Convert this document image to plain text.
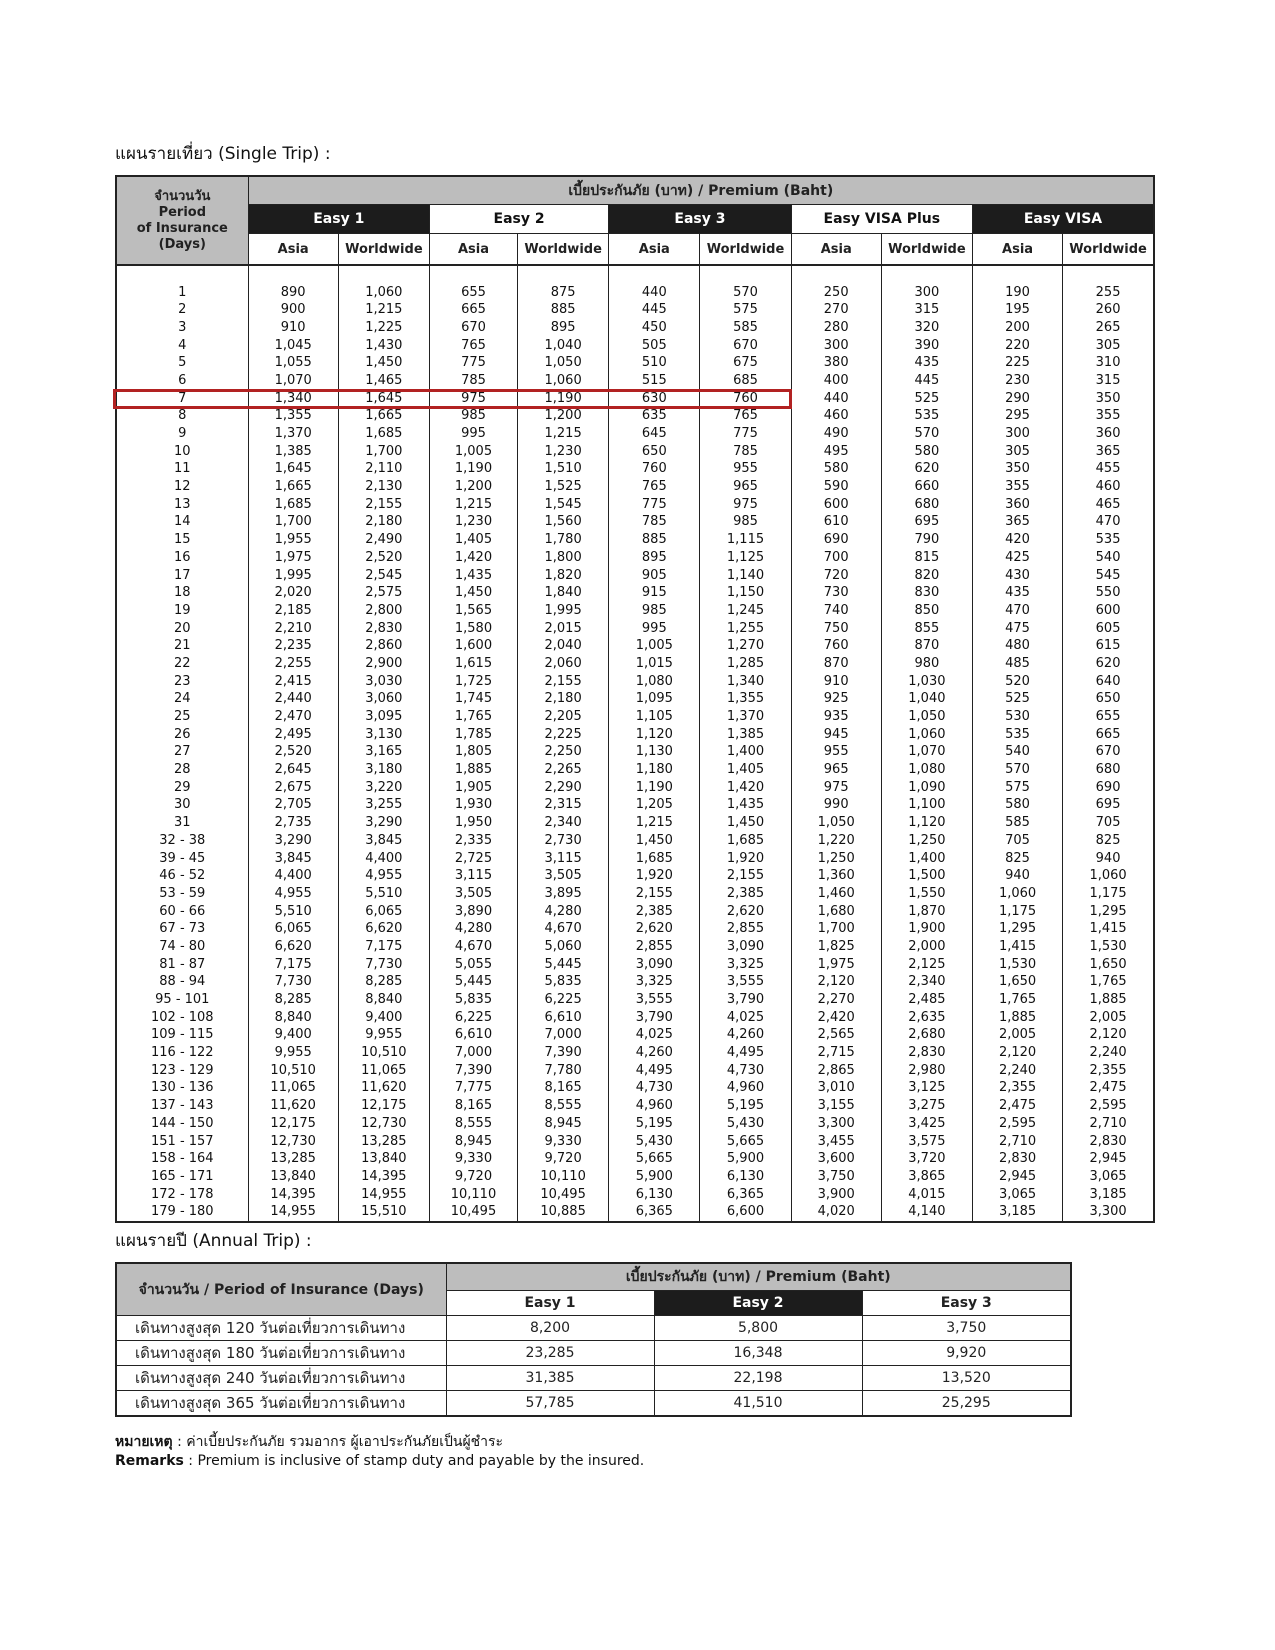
แผนรายเที่ยว (Single Trip) :
จำนวนวัน
Period
of Insurance
(Days)	เบี้ยประกันภัย (บาท) / Premium (Baht)									
	Easy 1		Easy 2		Easy 3		Easy VISA Plus		Easy VISA	
	Asia	Worldwide	Asia	Worldwide	Asia	Worldwide	Asia	Worldwide	Asia	Worldwide

1	890	1,060	655	875	440	570	250	300	190	255
2	900	1,215	665	885	445	575	270	315	195	260
3	910	1,225	670	895	450	585	280	320	200	265
4	1,045	1,430	765	1,040	505	670	300	390	220	305
5	1,055	1,450	775	1,050	510	675	380	435	225	310
6	1,070	1,465	785	1,060	515	685	400	445	230	315
7	1,340	1,645	975	1,190	630	760	440	525	290	350
8	1,355	1,665	985	1,200	635	765	460	535	295	355
9	1,370	1,685	995	1,215	645	775	490	570	300	360
10	1,385	1,700	1,005	1,230	650	785	495	580	305	365
11	1,645	2,110	1,190	1,510	760	955	580	620	350	455
12	1,665	2,130	1,200	1,525	765	965	590	660	355	460
13	1,685	2,155	1,215	1,545	775	975	600	680	360	465
14	1,700	2,180	1,230	1,560	785	985	610	695	365	470
15	1,955	2,490	1,405	1,780	885	1,115	690	790	420	535
16	1,975	2,520	1,420	1,800	895	1,125	700	815	425	540
17	1,995	2,545	1,435	1,820	905	1,140	720	820	430	545
18	2,020	2,575	1,450	1,840	915	1,150	730	830	435	550
19	2,185	2,800	1,565	1,995	985	1,245	740	850	470	600
20	2,210	2,830	1,580	2,015	995	1,255	750	855	475	605
21	2,235	2,860	1,600	2,040	1,005	1,270	760	870	480	615
22	2,255	2,900	1,615	2,060	1,015	1,285	870	980	485	620
23	2,415	3,030	1,725	2,155	1,080	1,340	910	1,030	520	640
24	2,440	3,060	1,745	2,180	1,095	1,355	925	1,040	525	650
25	2,470	3,095	1,765	2,205	1,105	1,370	935	1,050	530	655
26	2,495	3,130	1,785	2,225	1,120	1,385	945	1,060	535	665
27	2,520	3,165	1,805	2,250	1,130	1,400	955	1,070	540	670
28	2,645	3,180	1,885	2,265	1,180	1,405	965	1,080	570	680
29	2,675	3,220	1,905	2,290	1,190	1,420	975	1,090	575	690
30	2,705	3,255	1,930	2,315	1,205	1,435	990	1,100	580	695
31	2,735	3,290	1,950	2,340	1,215	1,450	1,050	1,120	585	705
32 - 38	3,290	3,845	2,335	2,730	1,450	1,685	1,220	1,250	705	825
39 - 45	3,845	4,400	2,725	3,115	1,685	1,920	1,250	1,400	825	940
46 - 52	4,400	4,955	3,115	3,505	1,920	2,155	1,360	1,500	940	1,060
53 - 59	4,955	5,510	3,505	3,895	2,155	2,385	1,460	1,550	1,060	1,175
60 - 66	5,510	6,065	3,890	4,280	2,385	2,620	1,680	1,870	1,175	1,295
67 - 73	6,065	6,620	4,280	4,670	2,620	2,855	1,700	1,900	1,295	1,415
74 - 80	6,620	7,175	4,670	5,060	2,855	3,090	1,825	2,000	1,415	1,530
81 - 87	7,175	7,730	5,055	5,445	3,090	3,325	1,975	2,125	1,530	1,650
88 - 94	7,730	8,285	5,445	5,835	3,325	3,555	2,120	2,340	1,650	1,765
95 - 101	8,285	8,840	5,835	6,225	3,555	3,790	2,270	2,485	1,765	1,885
102 - 108	8,840	9,400	6,225	6,610	3,790	4,025	2,420	2,635	1,885	2,005
109 - 115	9,400	9,955	6,610	7,000	4,025	4,260	2,565	2,680	2,005	2,120
116 - 122	9,955	10,510	7,000	7,390	4,260	4,495	2,715	2,830	2,120	2,240
123 - 129	10,510	11,065	7,390	7,780	4,495	4,730	2,865	2,980	2,240	2,355
130 - 136	11,065	11,620	7,775	8,165	4,730	4,960	3,010	3,125	2,355	2,475
137 - 143	11,620	12,175	8,165	8,555	4,960	5,195	3,155	3,275	2,475	2,595
144 - 150	12,175	12,730	8,555	8,945	5,195	5,430	3,300	3,425	2,595	2,710
151 - 157	12,730	13,285	8,945	9,330	5,430	5,665	3,455	3,575	2,710	2,830
158 - 164	13,285	13,840	9,330	9,720	5,665	5,900	3,600	3,720	2,830	2,945
165 - 171	13,840	14,395	9,720	10,110	5,900	6,130	3,750	3,865	2,945	3,065
172 - 178	14,395	14,955	10,110	10,495	6,130	6,365	3,900	4,015	3,065	3,185
179 - 180	14,955	15,510	10,495	10,885	6,365	6,600	4,020	4,140	3,185	3,300
แผนรายปี (Annual Trip) :
จำนวนวัน / Period of Insurance (Days)	เบี้ยประกันภัย (บาท) / Premium (Baht)		
	Easy 1	Easy 2	Easy 3
เดินทางสูงสุด 120 วันต่อเที่ยวการเดินทาง	8,200	5,800	3,750
เดินทางสูงสุด 180 วันต่อเที่ยวการเดินทาง	23,285	16,348	9,920
เดินทางสูงสุด 240 วันต่อเที่ยวการเดินทาง	31,385	22,198	13,520
เดินทางสูงสุด 365 วันต่อเที่ยวการเดินทาง	57,785	41,510	25,295
หมายเหตุ : ค่าเบี้ยประกันภัย รวมอากร ผู้เอาประกันภัยเป็นผู้ชำระ
Remarks : Premium is inclusive of stamp duty and payable by the insured.
